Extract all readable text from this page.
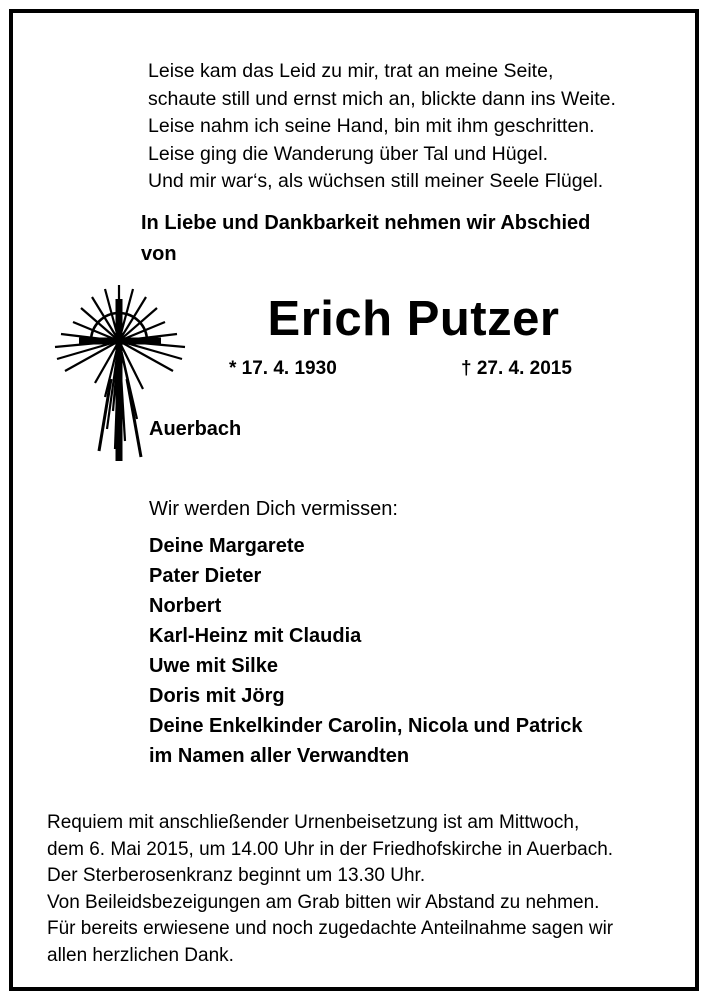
Leise kam das Leid zu mir, trat an meine Seite,
schaute still und ernst mich an, blickte dann ins Weite.
Leise nahm ich seine Hand, bin mit ihm geschritten.
Leise ging die Wanderung über Tal und Hügel.
Und mir war‘s, als wüchsen still meiner Seele Flügel.
In Liebe und Dankbarkeit nehmen wir Abschied
von
Erich Putzer
* 17. 4. 1930	† 27. 4. 2015
Auerbach
Wir werden Dich vermissen:
Deine Margarete
Pater Dieter
Norbert
Karl-Heinz mit Claudia
Uwe mit Silke
Doris mit Jörg
Deine Enkelkinder Carolin, Nicola und Patrick
im Namen aller Verwandten
Requiem mit anschließender Urnenbeisetzung ist am Mittwoch,
dem 6. Mai 2015, um 14.00 Uhr in der Friedhofskirche in Auerbach.
Der Sterberosenkranz beginnt um 13.30 Uhr.
Von Beileidsbezeigungen am Grab bitten wir Abstand zu nehmen.
Für bereits erwiesene und noch zugedachte Anteilnahme sagen wir
allen herzlichen Dank.
